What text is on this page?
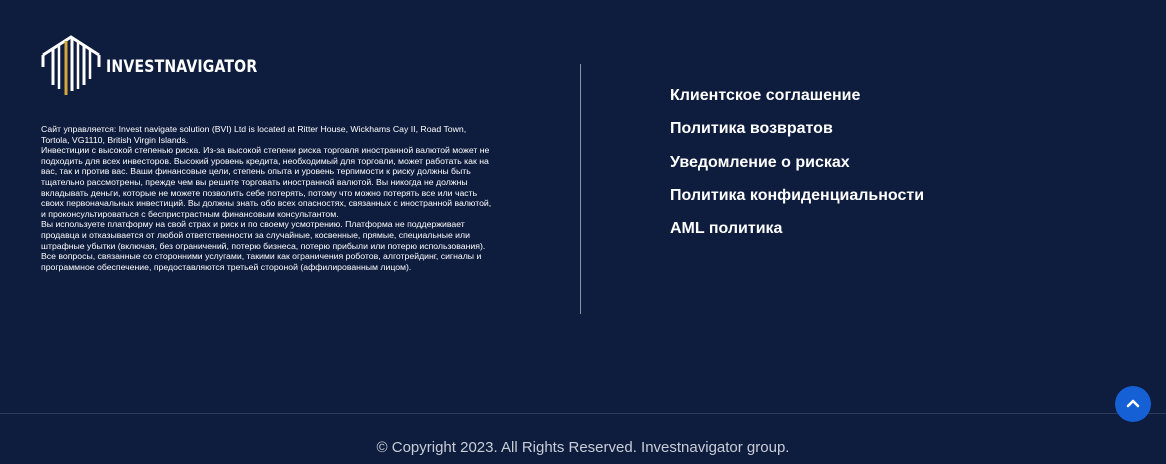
INVESTNAVIGATOR

Сайт управляется: Invest navigate solution (BVI) Ltd is located at Ritter House, Wickhams Cay II, Road Town, Tortola, VG1110, British Virgin Islands.

Инвестиции с высокой степенью риска. Из-за высокой степени риска торговля иностранной валютой может не подходить для всех инвесторов. Высокий уровень кредита, необходимый для торговли, может работать как на вас, так и против вас. Ваши финансовые цели, степень опыта и уровень терпимости к риску должны быть тщательно рассмотрены, прежде чем вы решите торговать иностранной валютой. Вы никогда не должны вкладывать деньги, которые не можете позволить себе потерять, потому что можно потерять все или часть своих первоначальных инвестиций. Вы должны знать обо всех опасностях, связанных с иностранной валютой, и проконсультироваться с беспристрастным финансовым консультантом.

Вы используете платформу на свой страх и риск и по своему усмотрению. Платформа не поддерживает продавца и отказывается от любой ответственности за случайные, косвенные, прямые, специальные или штрафные убытки (включая, без ограничений, потерю бизнеса, потерю прибыли или потерю использования). Все вопросы, связанные со сторонними услугами, такими как ограничения роботов, алготрейдинг, сигналы и программное обеспечение, предоставляются третьей стороной (аффилированным лицом).

Клиентское соглашение
Политика возвратов
Уведомление о рисках
Политика конфиденциальности
AML политика
© Copyright 2023. All Rights Reserved. Investnavigator group.
